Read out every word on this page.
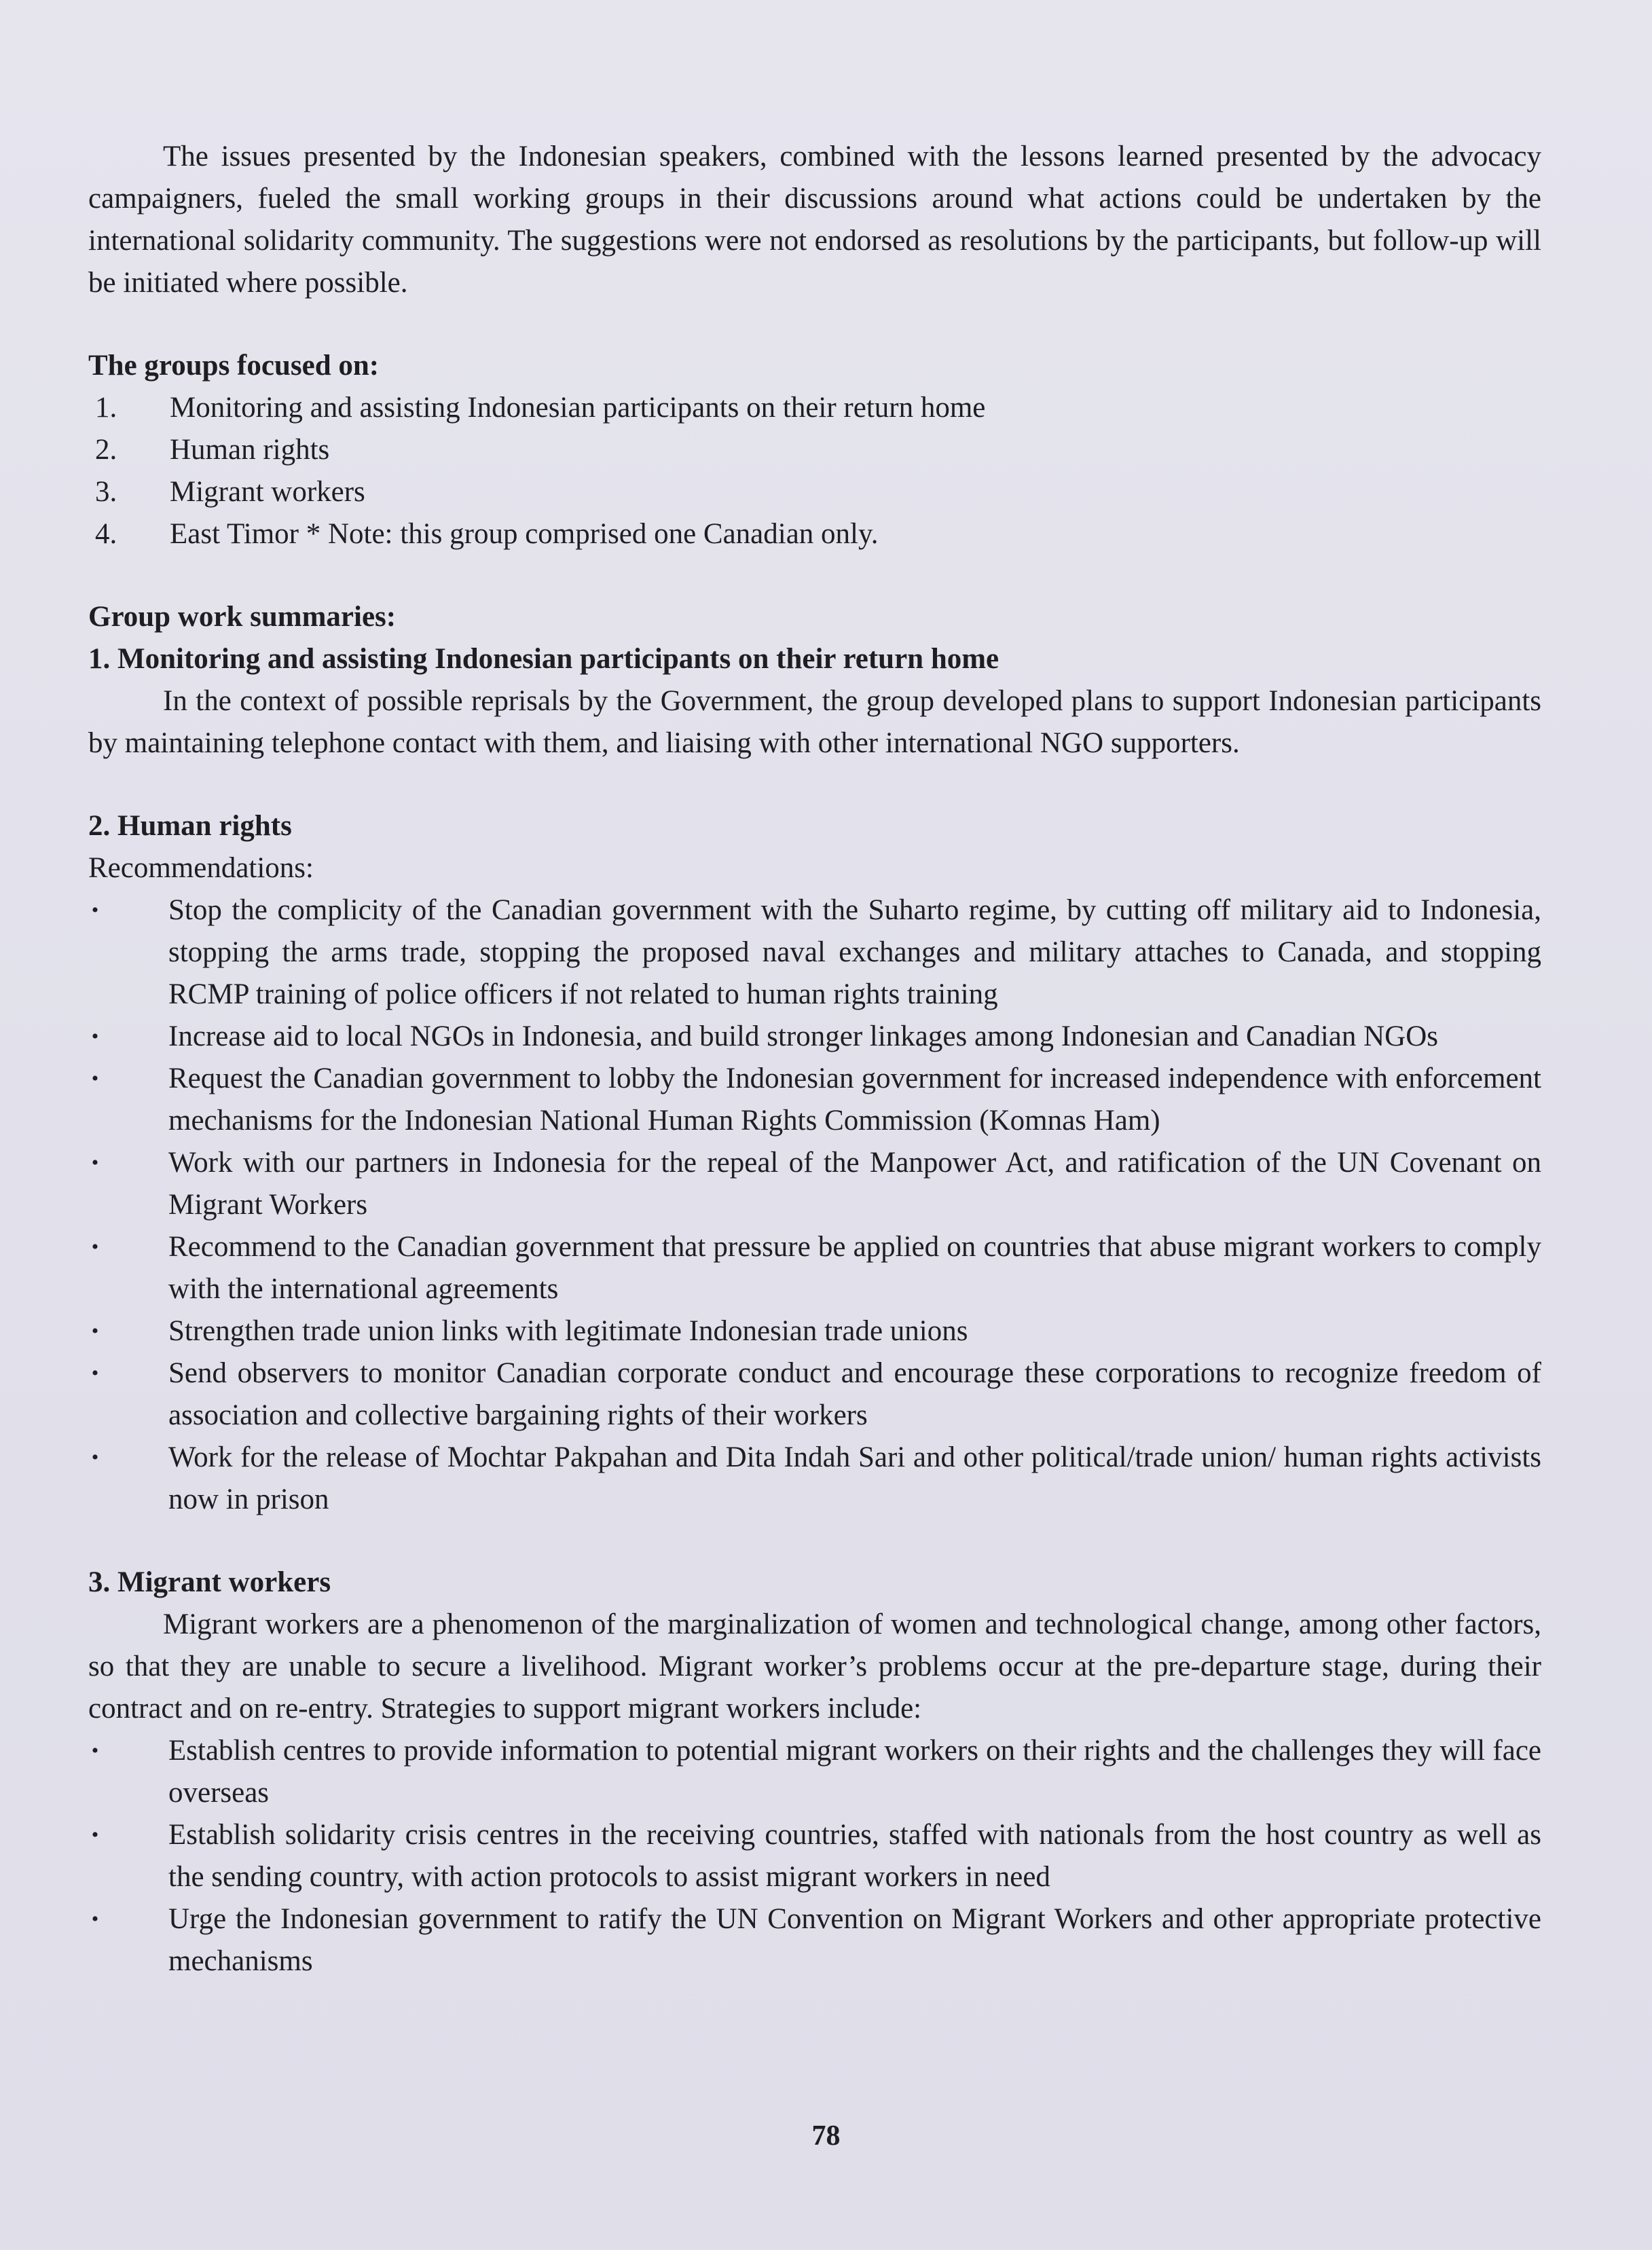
The issues presented by the Indonesian speakers, combined with the lessons learned presented by the advocacy campaigners, fueled the small working groups in their discussions around what actions could be undertaken by the international solidarity community. The suggestions were not endorsed as resolutions by the participants, but follow-up will be initiated where possible.

The groups focused on:

1. Monitoring and assisting Indonesian participants on their return home
2. Human rights
3. Migrant workers
4. East Timor * Note: this group comprised one Canadian only.

Group work summaries:

1. Monitoring and assisting Indonesian participants on their return home

In the context of possible reprisals by the Government, the group developed plans to support Indonesian participants by maintaining telephone contact with them, and liaising with other international NGO supporters.

2. Human rights

Recommendations:

• Stop the complicity of the Canadian government with the Suharto regime, by cutting off military aid to Indonesia, stopping the arms trade, stopping the proposed naval exchanges and military attaches to Canada, and stopping RCMP training of police officers if not related to human rights training
• Increase aid to local NGOs in Indonesia, and build stronger linkages among Indonesian and Canadian NGOs
• Request the Canadian government to lobby the Indonesian government for increased independence with enforcement mechanisms for the Indonesian National Human Rights Commission (Komnas Ham)
• Work with our partners in Indonesia for the repeal of the Manpower Act, and ratification of the UN Covenant on Migrant Workers
• Recommend to the Canadian government that pressure be applied on countries that abuse migrant workers to comply with the international agreements
• Strengthen trade union links with legitimate Indonesian trade unions
• Send observers to monitor Canadian corporate conduct and encourage these corporations to recognize freedom of association and collective bargaining rights of their workers
• Work for the release of Mochtar Pakpahan and Dita Indah Sari and other political/trade union/ human rights activists now in prison

3. Migrant workers

Migrant workers are a phenomenon of the marginalization of women and technological change, among other factors, so that they are unable to secure a livelihood. Migrant worker’s problems occur at the pre-departure stage, during their contract and on re-entry. Strategies to support migrant workers include:

• Establish centres to provide information to potential migrant workers on their rights and the challenges they will face overseas
• Establish solidarity crisis centres in the receiving countries, staffed with nationals from the host country as well as the sending country, with action protocols to assist migrant workers in need
• Urge the Indonesian government to ratify the UN Convention on Migrant Workers and other appropriate protective mechanisms
78
